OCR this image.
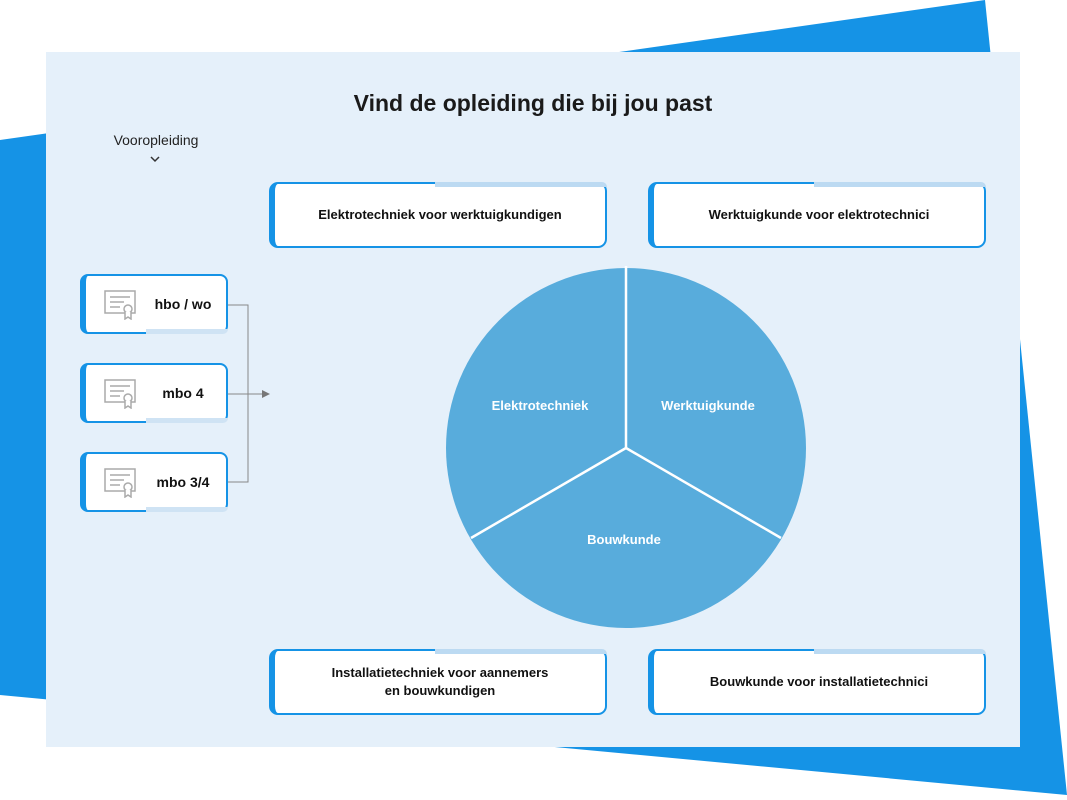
Vind de opleiding die bij jou past
Vooropleiding
hbo / wo
mbo 4
mbo 3/4
Elektrotechniek voor werktuigkundigen	Werktuigkunde voor elektrotechnici
Installatietechniek voor aannemers
en bouwkundigen
Bouwkunde voor installatietechnici
Elektrotechniek	Werktuigkunde
Bouwkunde
